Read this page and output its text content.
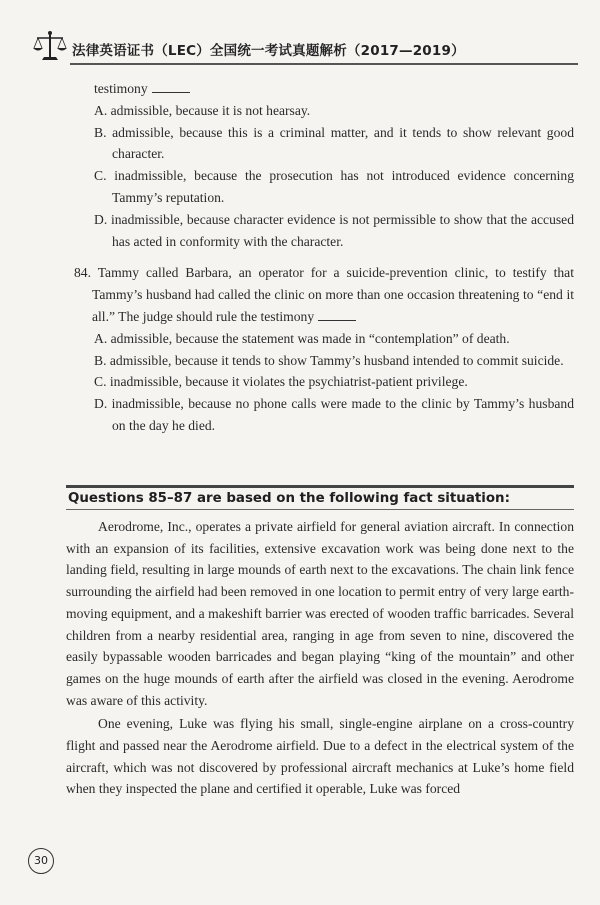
法律英语证书（LEC）全国统一考试真题解析（2017—2019）
testimony
A. admissible, because it is not hearsay.
B. admissible, because this is a criminal matter, and it tends to show relevant good character.
C. inadmissible, because the prosecution has not introduced evidence concerning Tammy’s reputation.
D. inadmissible, because character evidence is not permissible to show that the accused has acted in conformity with the character.
84. Tammy called Barbara, an operator for a suicide-prevention clinic, to testify that Tammy’s husband had called the clinic on more than one occasion threatening to “end it all.” The judge should rule the testimony
A. admissible, because the statement was made in “contemplation” of death.
B. admissible, because it tends to show Tammy’s husband intended to commit suicide.
C. inadmissible, because it violates the psychiatrist-patient privilege.
D. inadmissible, because no phone calls were made to the clinic by Tammy’s husband on the day he died.
Questions 85–87 are based on the following fact situation:

Aerodrome, Inc., operates a private airfield for general aviation aircraft. In connection with an expansion of its facilities, extensive excavation work was being done next to the landing field, resulting in large mounds of earth next to the excavations. The chain link fence surrounding the airfield had been removed in one location to permit entry of very large earth-moving equipment, and a makeshift barrier was erected of wooden traffic barricades. Several children from a nearby residential area, ranging in age from seven to nine, discovered the easily bypassable wooden barricades and began playing “king of the mountain” and other games on the huge mounds of earth after the airfield was closed in the evening. Aerodrome was aware of this activity.

One evening, Luke was flying his small, single-engine airplane on a cross-country flight and passed near the Aerodrome airfield. Due to a defect in the electrical system of the aircraft, which was not discovered by professional aircraft mechanics at Luke’s home field when they inspected the plane and certified it operable, Luke was forced

30
